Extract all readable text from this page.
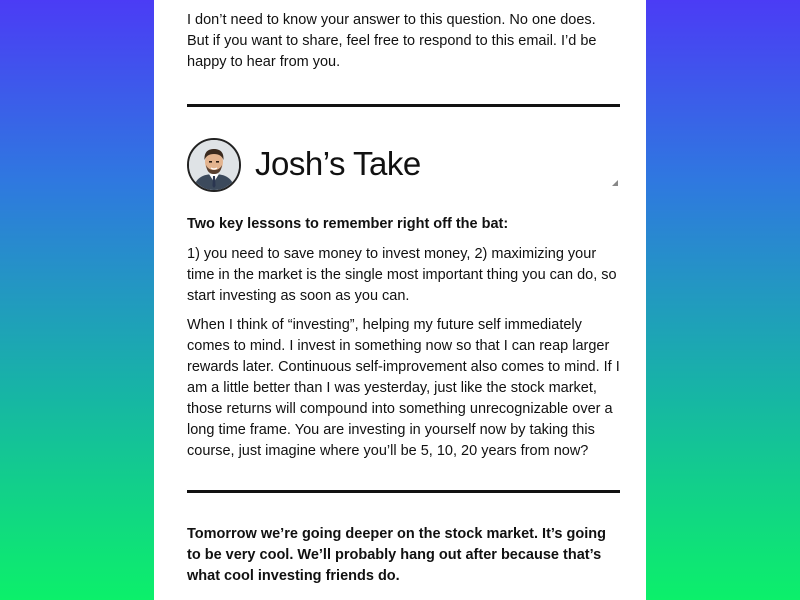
I don’t need to know your answer to this question. No one does. But if you want to share, feel free to respond to this email. I’d be happy to hear from you.

Josh’s Take

Two key lessons to remember right off the bat:

1) you need to save money to invest money, 2) maximizing your time in the market is the single most important thing you can do, so start investing as soon as you can.

When I think of “investing”, helping my future self immediately comes to mind. I invest in something now so that I can reap larger rewards later. Continuous self-improvement also comes to mind. If I am a little better than I was yesterday, just like the stock market, those returns will compound into something unrecognizable over a long time frame. You are investing in yourself now by taking this course, just imagine where you’ll be 5, 10, 20 years from now?

Tomorrow we’re going deeper on the stock market. It’s going to be very cool. We’ll probably hang out after because that’s what cool investing friends do.
